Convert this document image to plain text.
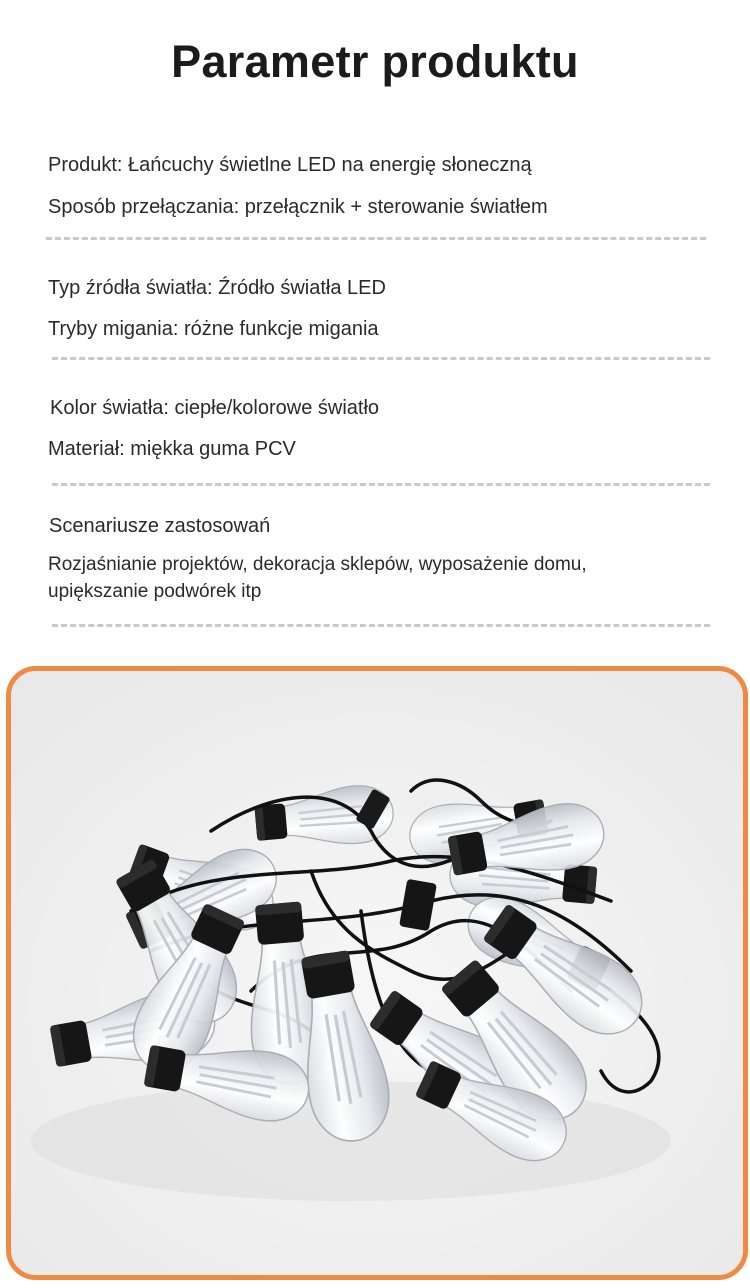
Parametr produktu
Produkt: Łańcuchy świetlne LED na energię słoneczną
Sposób przełączania: przełącznik + sterowanie światłem
Typ źródła światła: Źródło światła LED
Tryby migania: różne funkcje migania
Kolor światła: ciepłe/kolorowe światło
Materiał: miękka guma PCV
Scenariusze zastosowań
Rozjaśnianie projektów, dekoracja sklepów, wyposażenie domu,
upiększanie podwórek itp
